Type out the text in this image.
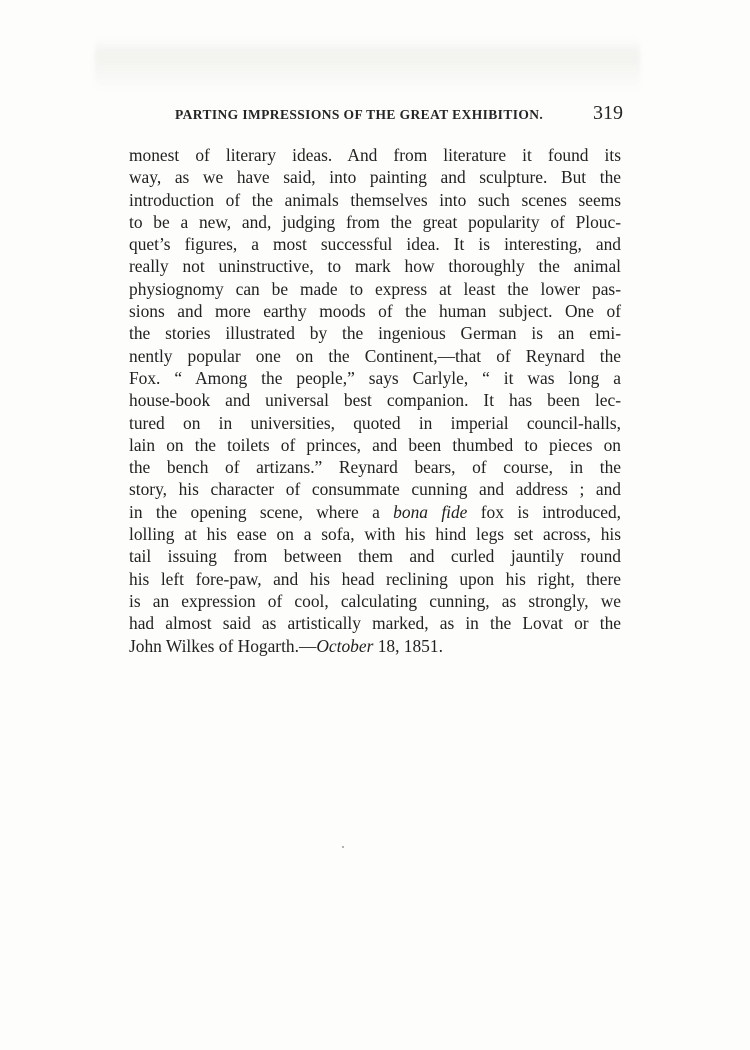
PARTING IMPRESSIONS OF THE GREAT EXHIBITION. 319
monest of literary ideas. And from literature it found its
way, as we have said, into painting and sculpture. But the
introduction of the animals themselves into such scenes seems
to be a new, and, judging from the great popularity of Plouc-
quet’s figures, a most successful idea. It is interesting, and
really not uninstructive, to mark how thoroughly the animal
physiognomy can be made to express at least the lower pas-
sions and more earthy moods of the human subject. One of
the stories illustrated by the ingenious German is an emi-
nently popular one on the Continent,—that of Reynard the
Fox. “ Among the people,” says Carlyle, “ it was long a
house-book and universal best companion. It has been lec-
tured on in universities, quoted in imperial council-halls,
lain on the toilets of princes, and been thumbed to pieces on
the bench of artizans.” Reynard bears, of course, in the
story, his character of consummate cunning and address ; and
in the opening scene, where a bona fide fox is introduced,
lolling at his ease on a sofa, with his hind legs set across, his
tail issuing from between them and curled jauntily round
his left fore-paw, and his head reclining upon his right, there
is an expression of cool, calculating cunning, as strongly, we
had almost said as artistically marked, as in the Lovat or the
John Wilkes of Hogarth.—October 18, 1851.
